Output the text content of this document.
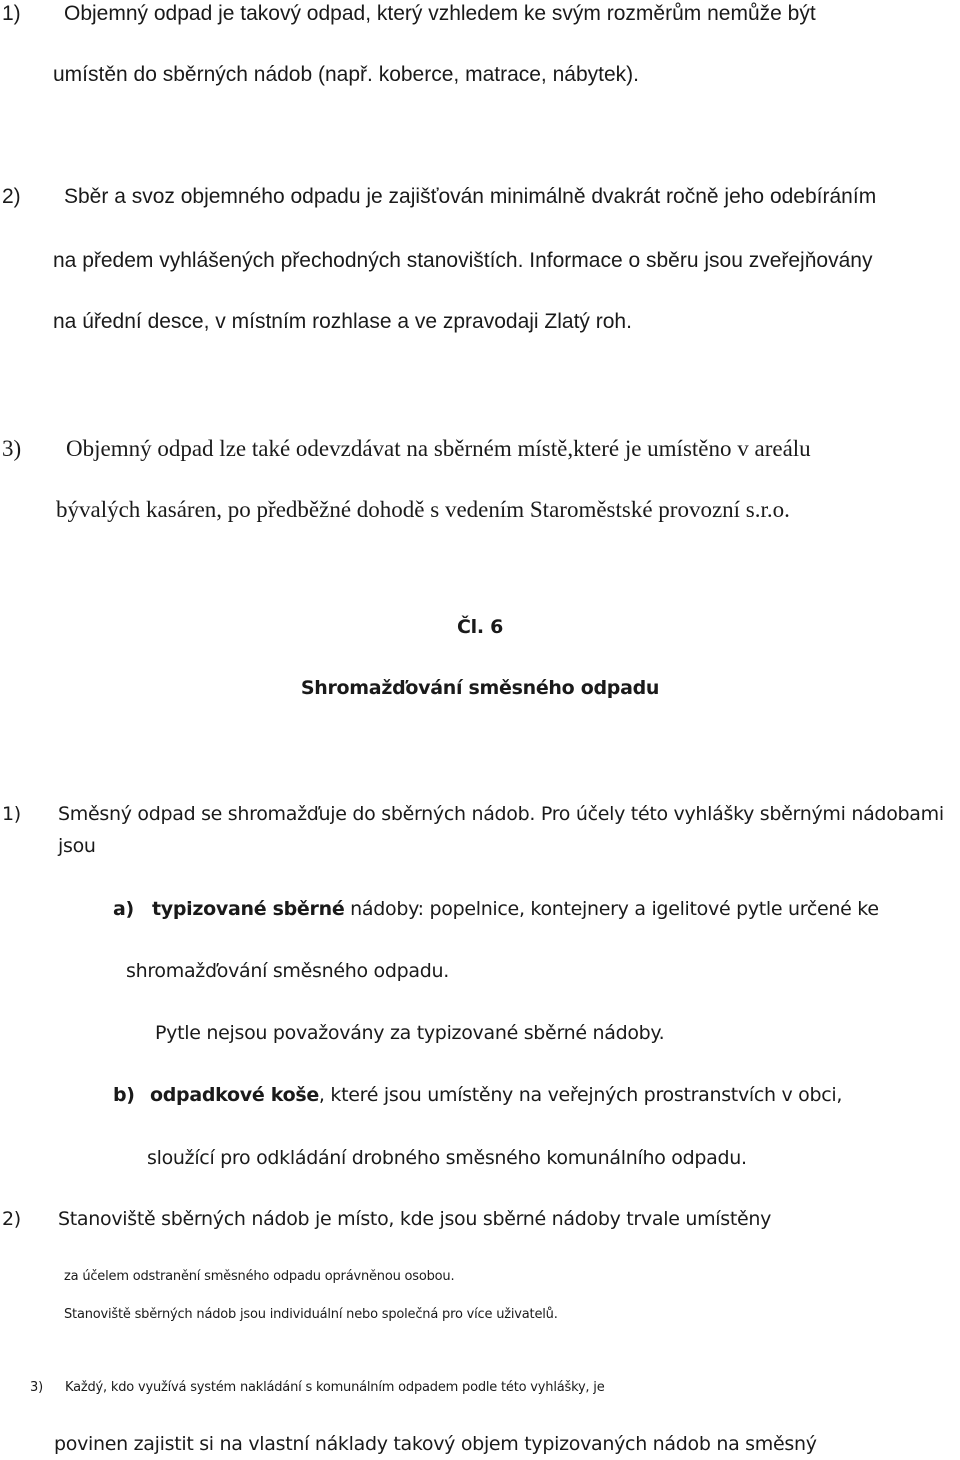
1) Objemný odpad je takový odpad, který vzhledem ke svým rozměrům nemůže být
umístěn do sběrných nádob (např. koberce, matrace, nábytek).
2) Sběr a svoz objemného odpadu je zajišťován minimálně dvakrát ročně jeho odebíráním
na předem vyhlášených přechodných stanovištích. Informace o sběru jsou zveřejňovány
na úřední desce, v místním rozhlase a ve zpravodaji Zlatý roh.
3) Objemný odpad lze také odevzdávat na sběrném místě,které je umístěno v areálu
bývalých kasáren, po předběžné dohodě s vedením Staroměstské provozní s.r.o.
Čl. 6
Shromažďování směsného odpadu
1) Směsný odpad se shromažďuje do sběrných nádob. Pro účely této vyhlášky sběrnými nádobami
jsou
a) typizované sběrné nádoby: popelnice, kontejnery a igelitové pytle určené ke
shromažďování směsného odpadu.
Pytle nejsou považovány za typizované sběrné nádoby.
b) odpadkové koše, které jsou umístěny na veřejných prostranstvích v obci,
sloužící pro odkládání drobného směsného komunálního odpadu.
2) Stanoviště sběrných nádob je místo, kde jsou sběrné nádoby trvale umístěny
za účelem odstranění směsného odpadu oprávněnou osobou.
Stanoviště sběrných nádob jsou individuální nebo společná pro více uživatelů.
3) Každý, kdo využívá systém nakládání s komunálním odpadem podle této vyhlášky, je
povinen zajistit si na vlastní náklady takový objem typizovaných nádob na směsný
